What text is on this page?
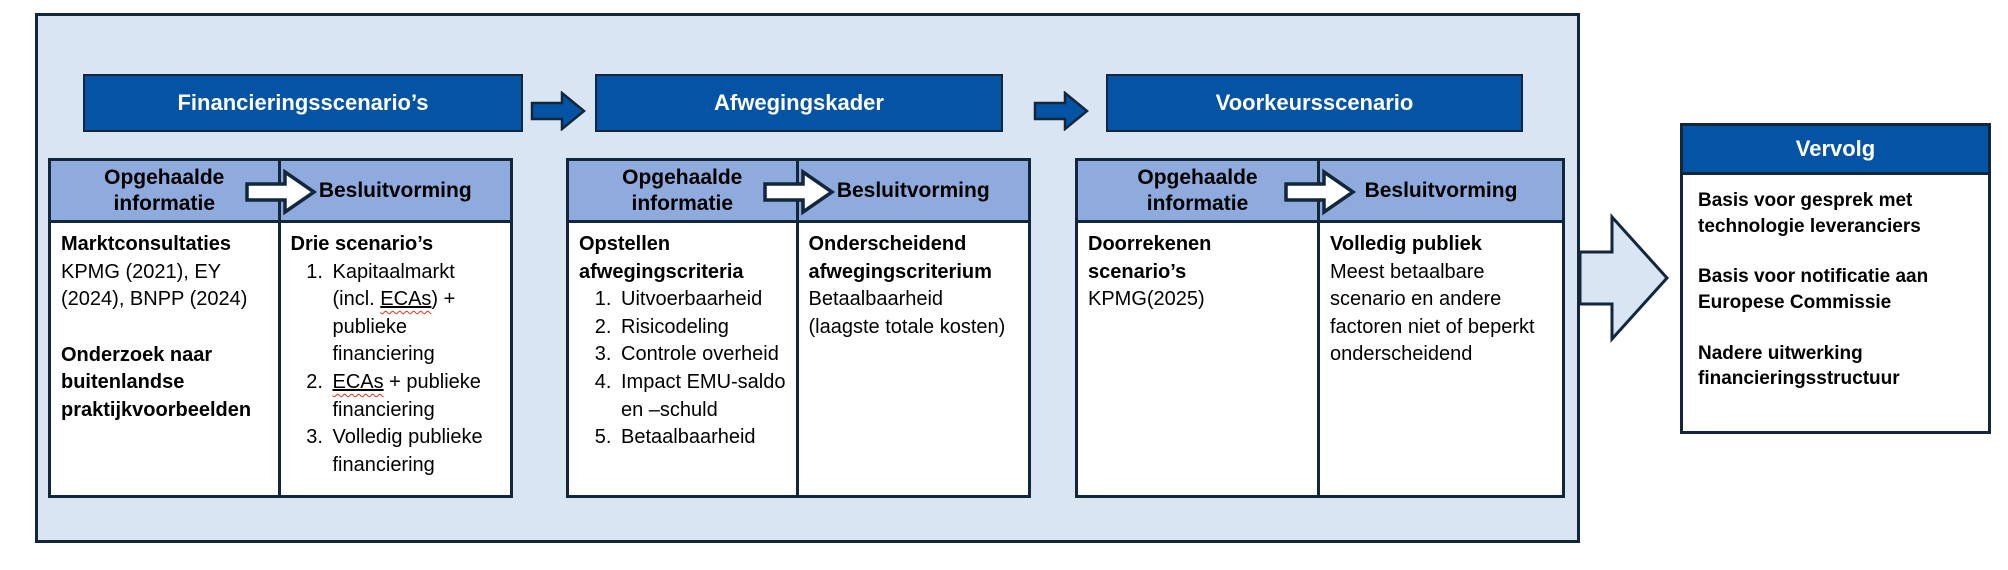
Financieringsscenario’s	Afwegingskader	Voorkeursscenario
Opgehaalde informatie
Besluitvorming

Marktconsultaties

KPMG (2021), EY (2024), BNPP (2024)

Onderzoek naar buitenlandse praktijkvoorbeelden

Drie scenario’s

1. Kapitaalmarkt (incl. ECAs) + publieke financiering
2. ECAs + publieke financiering
3. Volledig publieke financiering
Opgehaalde informatie
Besluitvorming

Opstellen afwegingscriteria

1. Uitvoerbaarheid
2. Risicodeling
3. Controle overheid
4. Impact EMU-saldo en –schuld
5. Betaalbaarheid

Onderscheidend afwegingscriterium

Betaalbaarheid (laagste totale kosten)

Opgehaalde informatie
Besluitvorming

Doorrekenen scenario’s

KPMG(2025)

Volledig publiek

Meest betaalbare scenario en andere factoren niet of beperkt onderscheidend

Vervolg

Basis voor gesprek met technologie leveranciers

Basis voor notificatie aan Europese Commissie

Nadere uitwerking financieringsstructuur
